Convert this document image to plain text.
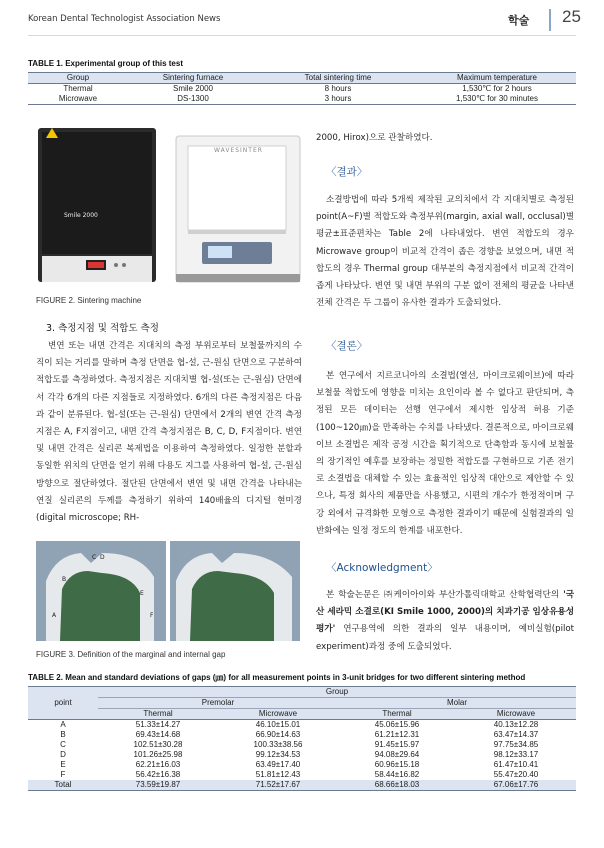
Korean Dental Technologist Association News	학술 25
TABLE 1. Experimental group of this test
Group	Sintering furnace	Total sintering time	Maximum temperature
Thermal	Smile 2000	8 hours	1,530℃ for 2 hours
Microwave	DS-1300	3 hours	1,530℃ for 30 minutes
Smile 2000
WAVESINTER
FIGURE 2. Sintering machine
3. 측정지점 및 적합도 측정
변연 또는 내면 간격은 지대치의 측정 부위로부터 보철물까지의 수직이 되는 거리를 말하며 측정 단면을 협-설, 근-원심 단면으로 구분하여 적합도를 측정하였다. 측정지점은 지대치별 협-설(또는 근-원심) 단면에서 각각 6개의 다른 지점들로 지정하였다. 6개의 다른 측정지점은 다음과 같이 분류된다. 협-설(또는 근-원심) 단면에서 2개의 변연 간격 측정지점은 A, F지점이고, 내면 간격 측정지점은 B, C, D, F지점이다. 변연 및 내면 간격은 실리콘 복제법을 이용하여 측정하였다. 일정한 분할과 동일한 위치의 단면을 얻기 위해 다용도 지그를 사용하여 협-설, 근-원심 방향으로 절단하였다. 절단된 단면에서 변연 및 내면 간격을 나타내는 연질 실리콘의 두께를 측정하기 위하여 140배율의 디지털 현미경(digital microscope; RH-
C D
B
E
A	F
FIGURE 3. Definition of the marginal and internal gap
2000, Hirox)으로 관찰하였다.
〈결과〉
소결방법에 따라 5개씩 제작된 교의치에서 각 지대치별로 측정된 point(A~F)별 적합도와 측정부위(margin, axial wall, occlusal)별 평균±표준편차는 Table 2에 나타내었다. 변연 적합도의 경우 Microwave group이 비교적 간격이 좁은 경향을 보였으며, 내면 적합도의 경우 Thermal group 대부분의 측정지점에서 비교적 간격이 좁게 나타났다. 변연 및 내면 부위의 구분 없이 전체의 평균을 나타낸 전체 간격은 두 그룹이 유사한 결과가 도출되었다.
〈결론〉
본 연구에서 지르코니아의 소결법(열선, 마이크로웨이브)에 따라 보철물 적합도에 영향을 미치는 요인이라 볼 수 없다고 판단되며, 측정된 모든 데이터는 선행 연구에서 제시한 임상적 허용 기준(100~120㎛)을 만족하는 수치를 나타냈다. 결론적으로, 마이크로웨이브 소결법은 제작 공정 시간을 획기적으로 단축함과 동시에 보철물의 장기적인 예후를 보장하는 정밀한 적합도를 구현하므로 기존 전기로 소결법을 대체할 수 있는 효율적인 임상적 대안으로 제안할 수 있으나, 특정 회사의 제품만을 사용했고, 시편의 개수가 한정적이며 구강 외에서 규격화한 모형으로 측정한 결과이기 때문에 실험결과의 일반화에는 일정 정도의 한계를 내포한다.
〈Acknowledgment〉
본 학술논문은 ㈜케이아이와 부산가톨릭대학교 산학협력단의 '국산 세라믹 소결로(KI Smile 1000, 2000)의 치과기공 임상유용성 평가' 연구용역에 의한 결과의 일부 내용이며, 예비실험(pilot experiment)과정 중에 도출되었다.
TABLE 2. Mean and standard deviations of gaps (㎛) for all measurement points in 3-unit bridges for two different sintering method
point	Group			
	Premolar		Molar	
	Thermal	Microwave	Thermal	Microwave
A	51.33±14.27	46.10±15.01	45.06±15.96	40.13±12.28
B	69.43±14.68	66.90±14.63	61.21±12.31	63.47±14.37
C	102.51±30.28	100.33±38.56	91.45±15.97	97.75±34.85
D	101.26±25.98	99.12±34.53	94.08±29.64	98.12±33.17
E	62.21±16.03	63.49±17.40	60.96±15.18	61.47±10.41
F	56.42±16.38	51.81±12.43	58.44±16.82	55.47±20.40
Total	73.59±19.87	71.52±17.67	68.66±18.03	67.06±17.76
